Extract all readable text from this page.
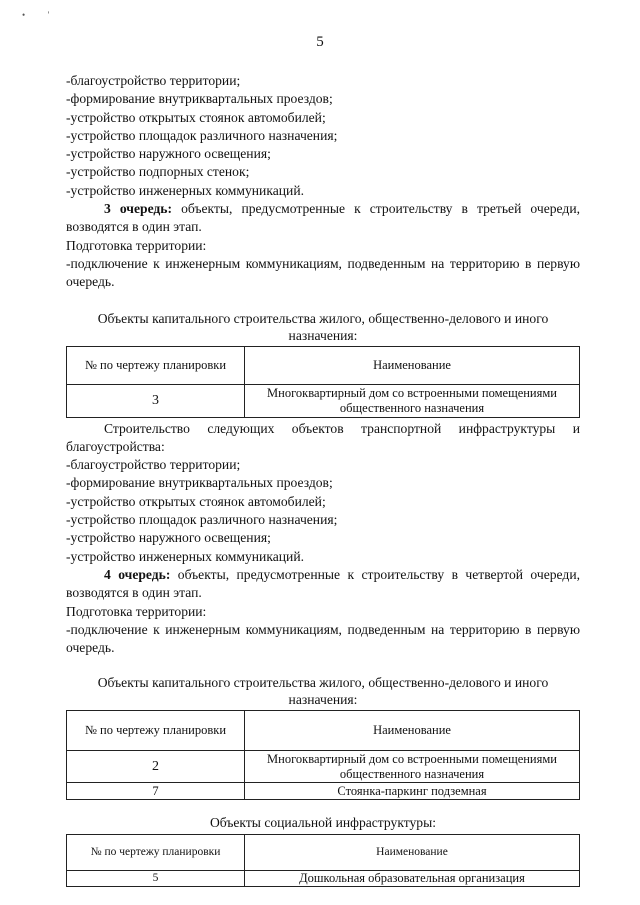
•          '
5

-благоустройство территории;

-формирование внутриквартальных проездов;

-устройство открытых стоянок автомобилей;

-устройство площадок различного назначения;

-устройство наружного освещения;

-устройство подпорных стенок;

-устройство инженерных коммуникаций.

3 очередь: объекты, предусмотренные к строительству в третьей очереди, возводятся в один этап.

Подготовка территории:

-подключение к инженерным коммуникациям, подведенным на территорию в первую очередь.

Объекты капитального строительства жилого, общественно-делового и иного назначения:

№ по чертежу планировки	Наименование
3	Многоквартирный дом со встроенными помещениями общественного назначения

Строительство следующих объектов транспортной инфраструктуры и благоустройства:

-благоустройство территории;

-формирование внутриквартальных проездов;

-устройство открытых стоянок автомобилей;

-устройство площадок различного назначения;

-устройство наружного освещения;

-устройство инженерных коммуникаций.

4 очередь: объекты, предусмотренные к строительству в четвертой очереди, возводятся в один этап.

Подготовка территории:

-подключение к инженерным коммуникациям, подведенным на территорию в первую очередь.

Объекты капитального строительства жилого, общественно-делового и иного назначения:

№ по чертежу планировки	Наименование
2	Многоквартирный дом со встроенными помещениями общественного назначения
7	Стоянка-паркинг подземная

Объекты социальной инфраструктуры:

№ по чертежу планировки	Наименование
5	Дошкольная образовательная организация
